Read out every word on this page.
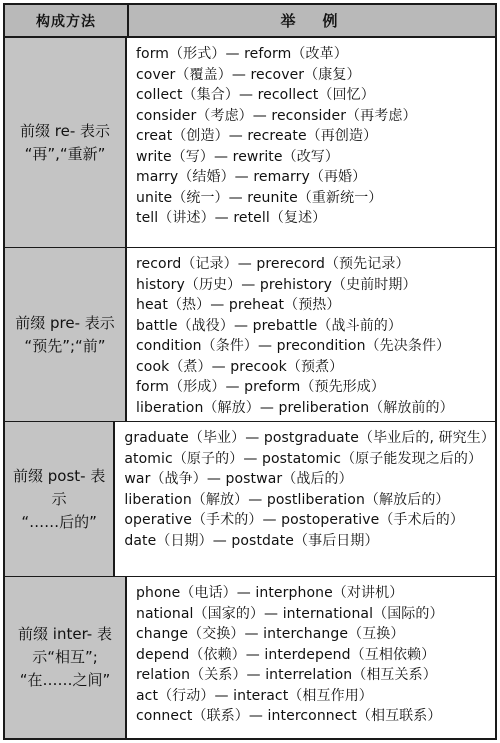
构成方法	举　例
前缀 re- 表示
“再”,“重新”
form（形式）— reform（改革）
cover（覆盖）— recover（康复）
collect（集合）— recollect（回忆）
consider（考虑）— reconsider（再考虑）
creat（创造）— recreate（再创造）
write（写）— rewrite（改写）
marry（结婚）— remarry（再婚）
unite（统一）— reunite（重新统一）
tell（讲述）— retell（复述）
前缀 pre- 表示
“预先”;“前”
record（记录）— prerecord（预先记录）
history（历史）— prehistory（史前时期）
heat（热）— preheat（预热）
battle（战役）— prebattle（战斗前的）
condition（条件）— precondition（先决条件）
cook（煮）— precook（预煮）
form（形成）— preform（预先形成）
liberation（解放）— preliberation（解放前的）
前缀 post- 表示
“……后的”
graduate（毕业）— postgraduate（毕业后的, 研究生）
atomic（原子的）— postatomic（原子能发现之后的）
war（战争）— postwar（战后的）
liberation（解放）— postliberation（解放后的）
operative（手术的）— postoperative（手术后的）
date（日期）— postdate（事后日期）
前缀 inter- 表
示“相互”;
“在……之间”
phone（电话）— interphone（对讲机）
national（国家的）— international（国际的）
change（交换）— interchange（互换）
depend（依赖）— interdepend（互相依赖）
relation（关系）— interrelation（相互关系）
act（行动）— interact（相互作用）
connect（联系）— interconnect（相互联系）
